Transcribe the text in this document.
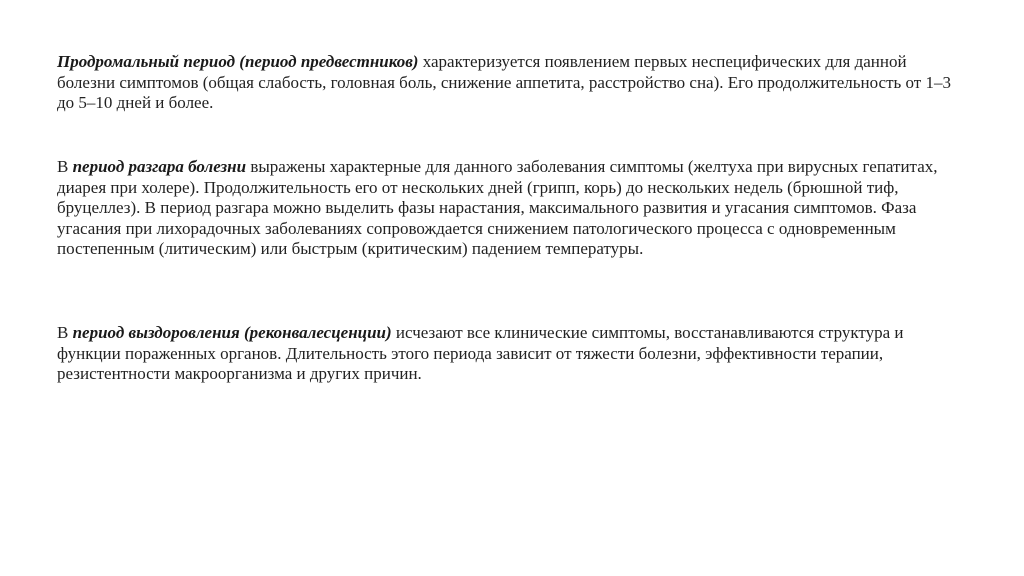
Продромальный период (период предвестников) характеризуется появлением первых неспецифических для данной болезни симптомов (общая слабость, головная боль, снижение аппетита, расстройство сна). Его продолжительность от 1–3 до 5–10 дней и более.

В период разгара болезни выражены характерные для данного заболевания симптомы (желтуха при вирусных гепатитах, диарея при холере). Продолжительность его от нескольких дней (грипп, корь) до нескольких недель (брюшной тиф, бруцеллез). В период разгара можно выделить фазы нарастания, максимального развития и угасания симптомов. Фаза угасания при лихорадочных заболеваниях сопровождается снижением патологического процесса с одновременным постепенным (литическим) или быстрым (критическим) падением температуры.

В период выздоровления (реконвалесценции) исчезают все клинические симптомы, восстанавливаются структура и функции пораженных органов. Длительность этого периода зависит от тяжести болезни, эффективности терапии, резистентности макроорганизма и других причин.
